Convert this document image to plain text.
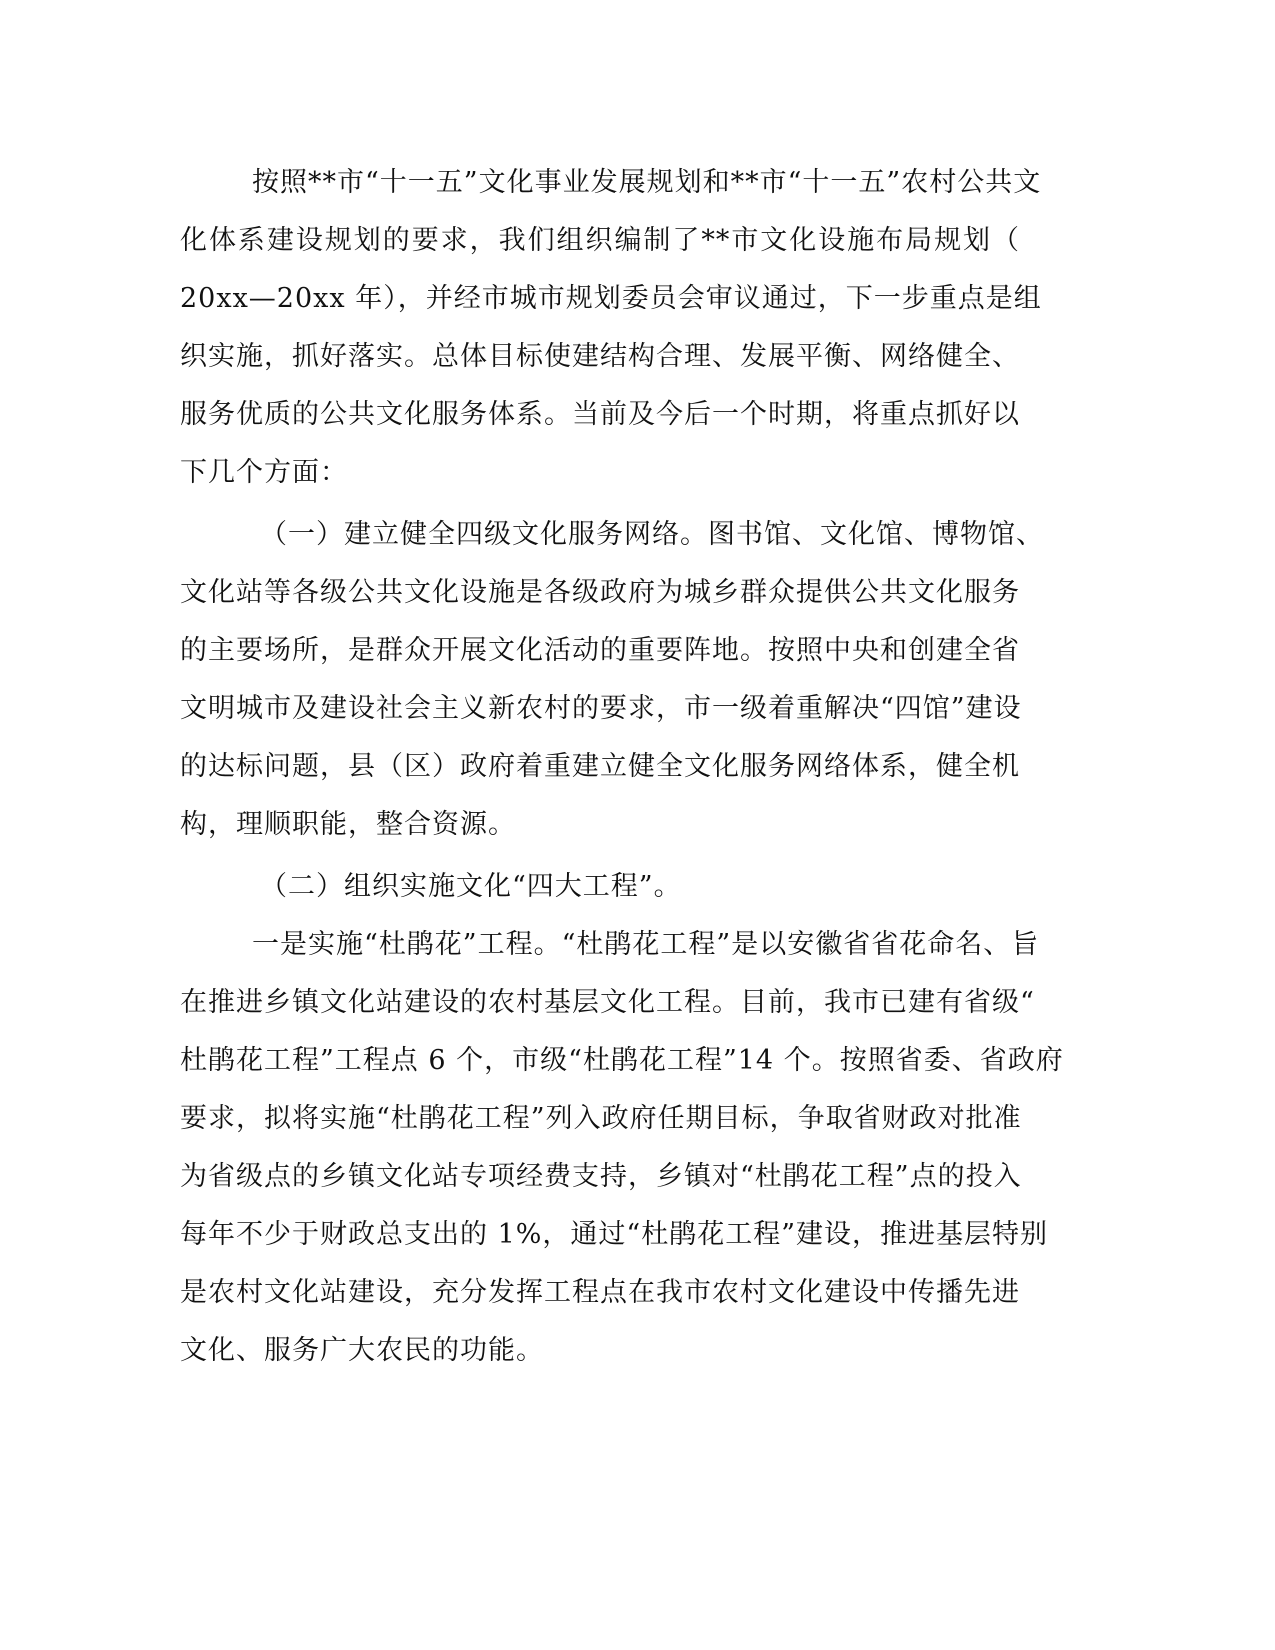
按照**市“十一五”文化事业发展规划和**市“十一五”农村公共文
化体系建设规划的要求，我们组织编制了**市文化设施布局规划（
20xx—20xx 年），并经市城市规划委员会审议通过，下一步重点是组
织实施，抓好落实。总体目标使建结构合理、发展平衡、网络健全、
服务优质的公共文化服务体系。当前及今后一个时期，将重点抓好以
下几个方面：
（一）建立健全四级文化服务网络。图书馆、文化馆、博物馆、
文化站等各级公共文化设施是各级政府为城乡群众提供公共文化服务
的主要场所，是群众开展文化活动的重要阵地。按照中央和创建全省
文明城市及建设社会主义新农村的要求，市一级着重解决“四馆”建设
的达标问题，县（区）政府着重建立健全文化服务网络体系，健全机
构，理顺职能，整合资源。
（二）组织实施文化“四大工程”。
一是实施“杜鹃花”工程。“杜鹃花工程”是以安徽省省花命名、旨
在推进乡镇文化站建设的农村基层文化工程。目前，我市已建有省级“
杜鹃花工程”工程点 6 个，市级“杜鹃花工程”14 个。按照省委、省政府
要求，拟将实施“杜鹃花工程”列入政府任期目标，争取省财政对批准
为省级点的乡镇文化站专项经费支持，乡镇对“杜鹃花工程”点的投入
每年不少于财政总支出的 1%，通过“杜鹃花工程”建设，推进基层特别
是农村文化站建设，充分发挥工程点在我市农村文化建设中传播先进
文化、服务广大农民的功能。
